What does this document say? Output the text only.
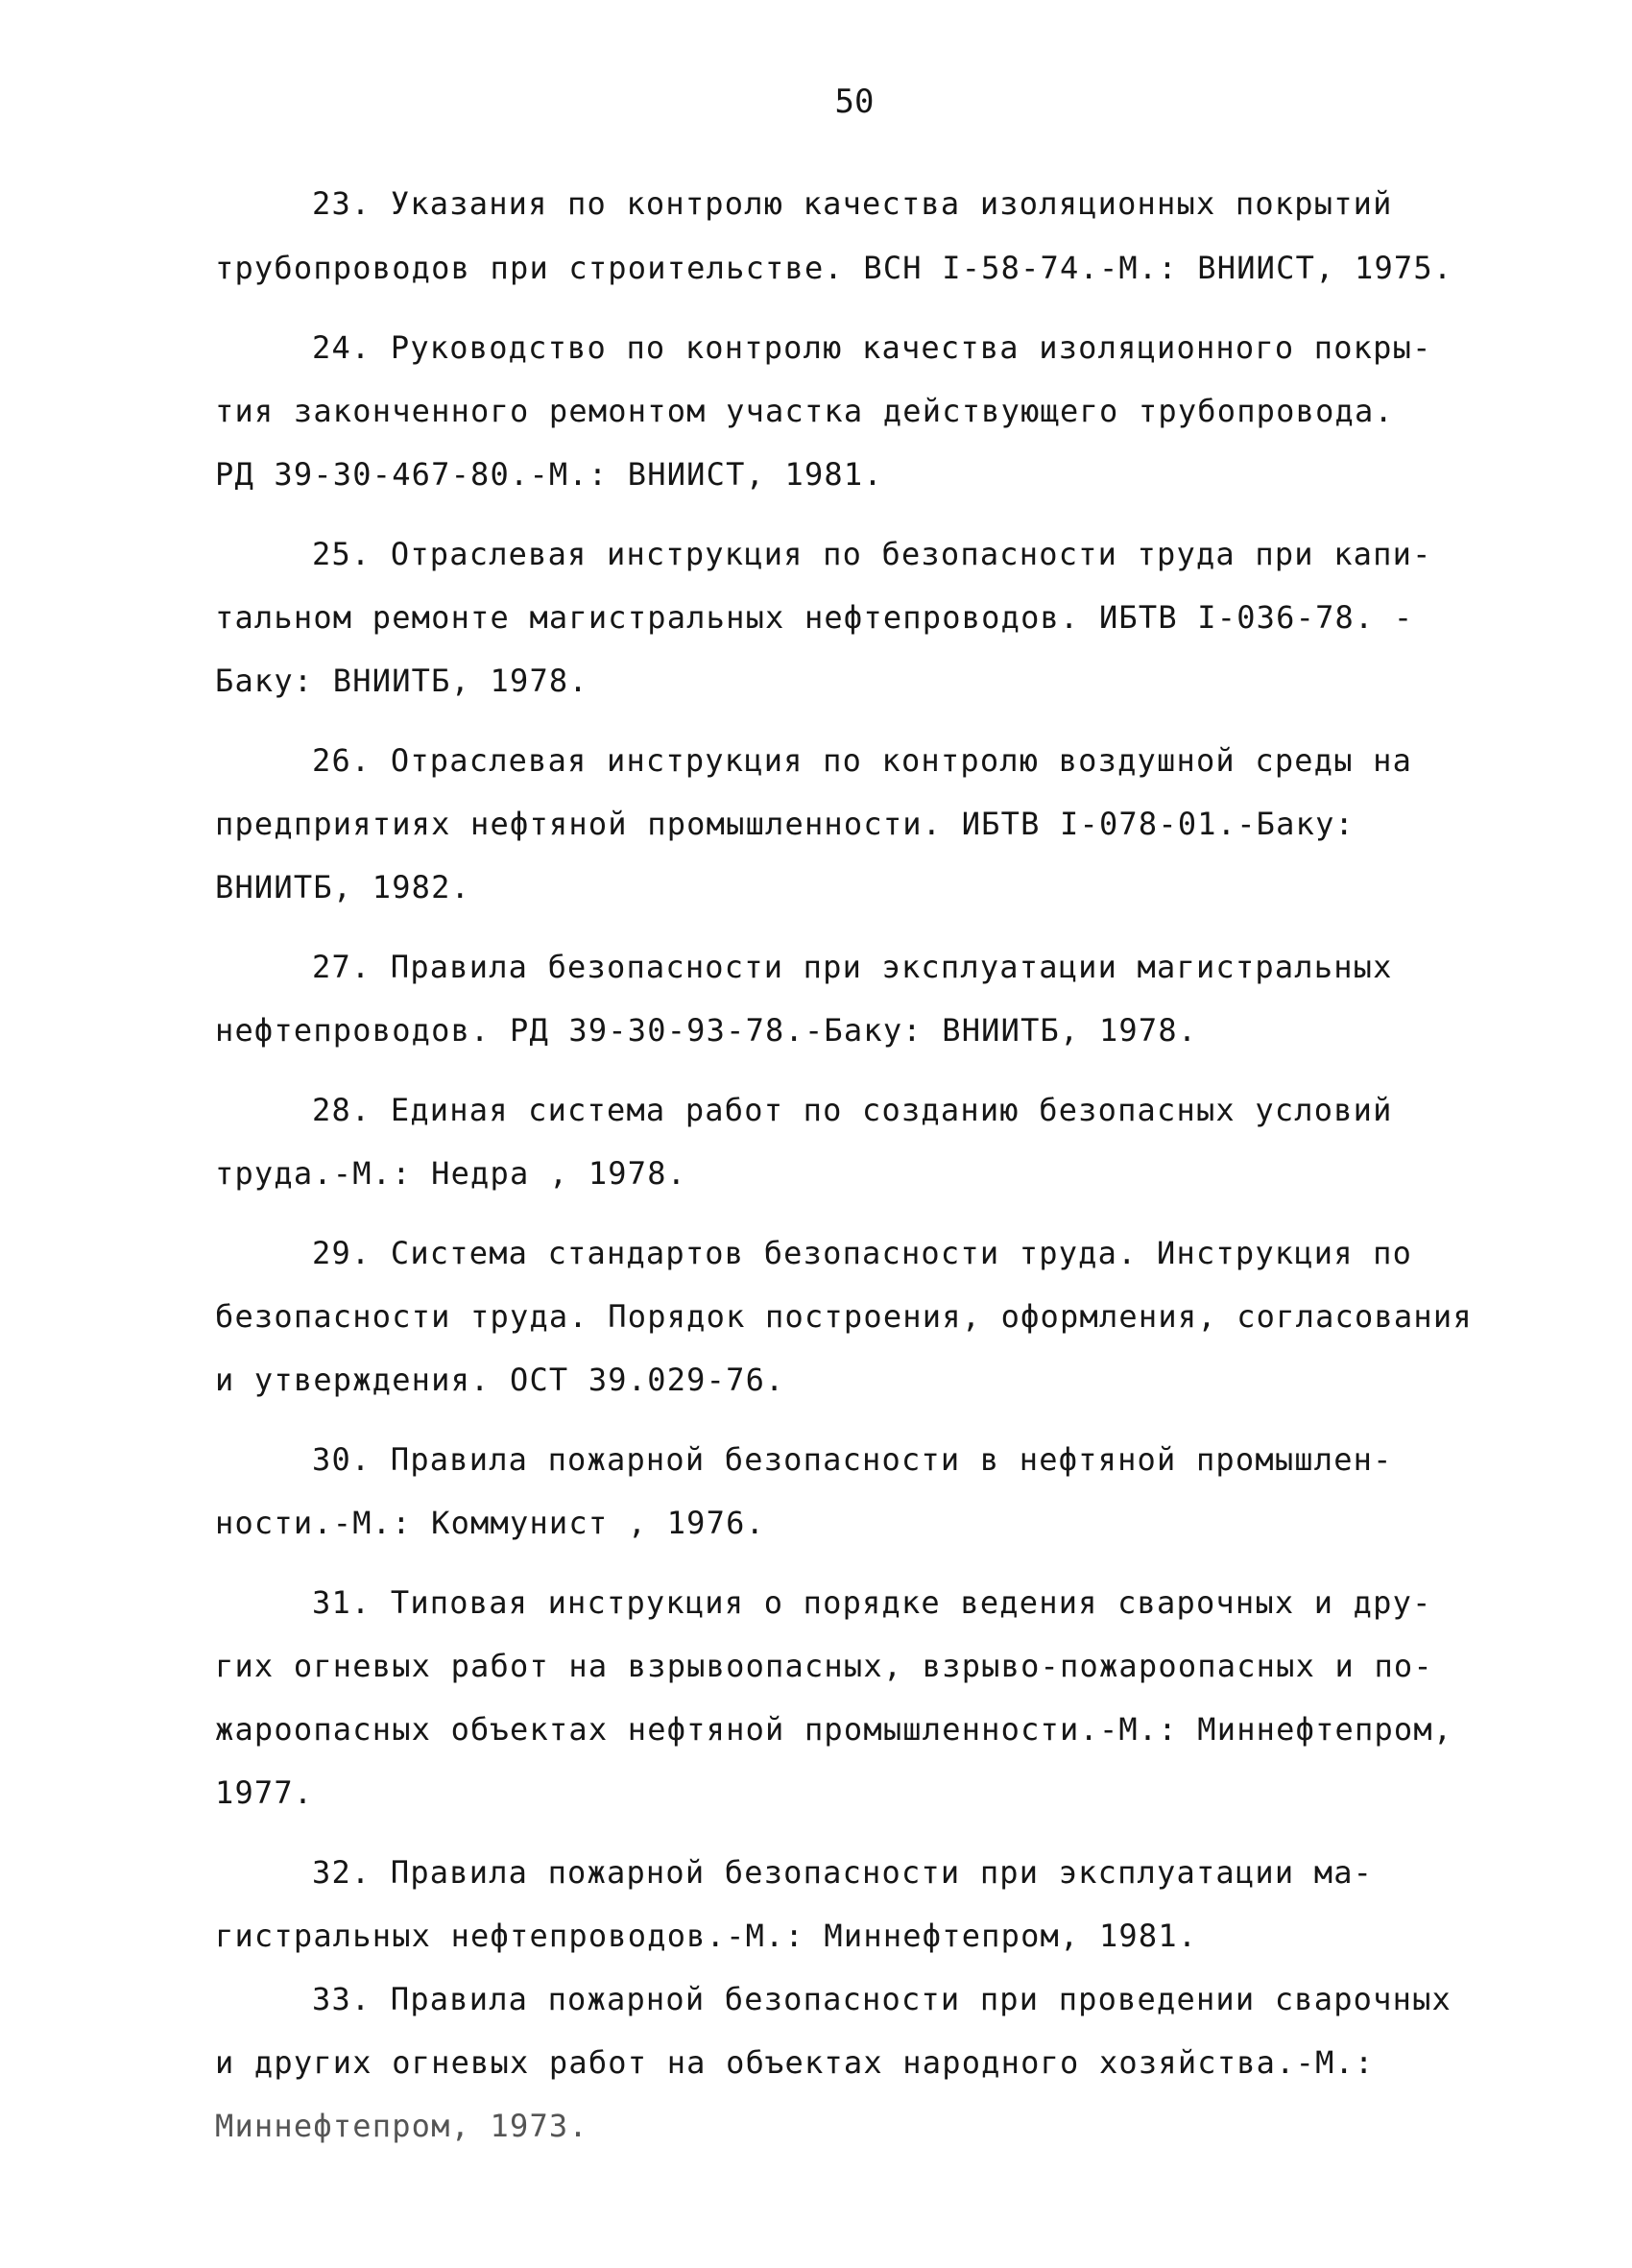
50
23. Указания по контролю качества изоляционных покрытий
трубопроводов при строительстве. ВСН I-58-74.-М.: ВНИИСТ, 1975.
24. Руководство по контролю качества изоляционного покры-
тия законченного ремонтом участка действующего трубопровода.
РД 39-30-467-80.-М.: ВНИИСТ, 1981.
25. Отраслевая инструкция по безопасности труда при капи-
тальном ремонте магистральных нефтепроводов. ИБТВ I-036-78. -
Баку: ВНИИТБ, 1978.
26. Отраслевая инструкция по контролю воздушной среды на
предприятиях нефтяной промышленности. ИБТВ I-078-01.-Баку:
ВНИИТБ, 1982.
27. Правила безопасности при эксплуатации магистральных
нефтепроводов. РД 39-30-93-78.-Баку: ВНИИТБ, 1978.
28. Единая система работ по созданию безопасных условий
труда.-М.: Недра , 1978.
29. Система стандартов безопасности труда. Инструкция по
безопасности труда. Порядок построения, оформления, согласования
и утверждения. ОСТ 39.029-76.
30. Правила пожарной безопасности в нефтяной промышлен-
ности.-М.: Коммунист , 1976.
31. Типовая инструкция о порядке ведения сварочных и дру-
гих огневых работ на взрывоопасных, взрыво-пожароопасных и по-
жароопасных объектах нефтяной промышленности.-М.: Миннефтепром,
1977.
32. Правила пожарной безопасности при эксплуатации ма-
гистральных нефтепроводов.-М.: Миннефтепром, 1981.
33. Правила пожарной безопасности при проведении сварочных
и других огневых работ на объектах народного хозяйства.-М.:
Миннефтепром, 1973.
